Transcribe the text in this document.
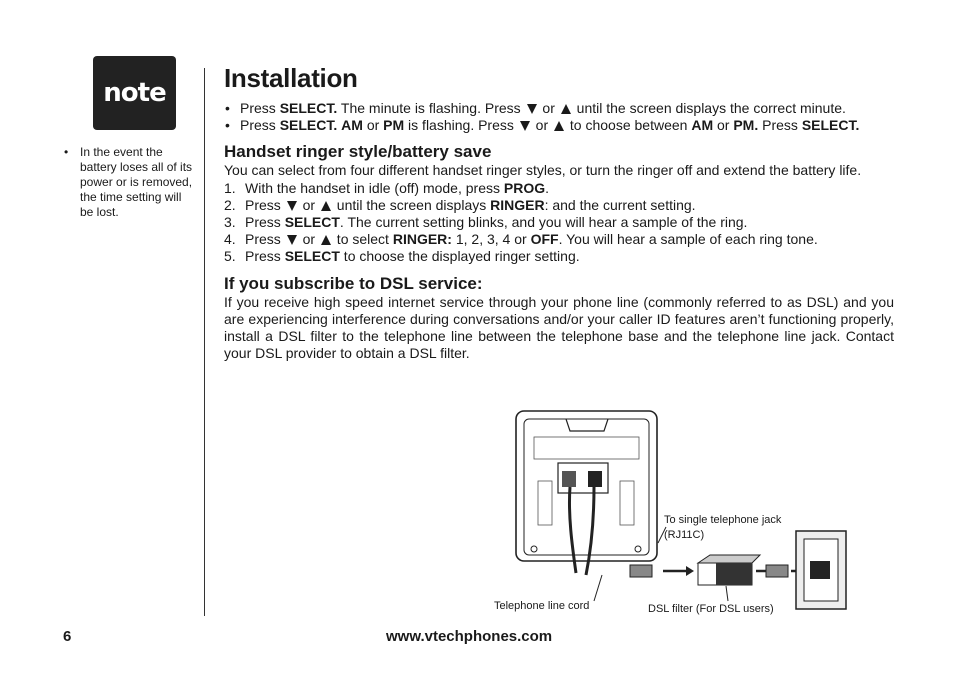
note
• In the event the battery loses all of its power or is removed, the time setting will be lost.
Installation
• Press SELECT. The minute is flashing. Press  or  until the screen displays the correct minute.
• Press SELECT. AM or PM is flashing. Press  or  to choose between AM or PM. Press SELECT.
Handset ringer style/battery save

You can select from four different handset ringer styles, or turn the ringer off and extend the battery life.

1. With the handset in idle (off) mode, press PROG.
2. Press  or  until the screen displays RINGER: and the current setting.
3. Press SELECT. The current setting blinks, and you will hear a sample of the ring.
4. Press  or  to select RINGER: 1, 2, 3, 4 or OFF. You will hear a sample of each ring tone.
5. Press SELECT to choose the displayed ringer setting.
If you subscribe to DSL service:

If you receive high speed internet service through your phone line (commonly referred to as DSL) and you are experiencing interference during conversations and/or your caller ID features aren’t functioning properly, install a DSL filter to the telephone line between the telephone base and the telephone line jack. Contact your DSL provider to obtain a DSL filter.

To single telephone jack
(RJ11C)
Telephone line cord	DSL filter (For DSL users)
6	www.vtechphones.com
